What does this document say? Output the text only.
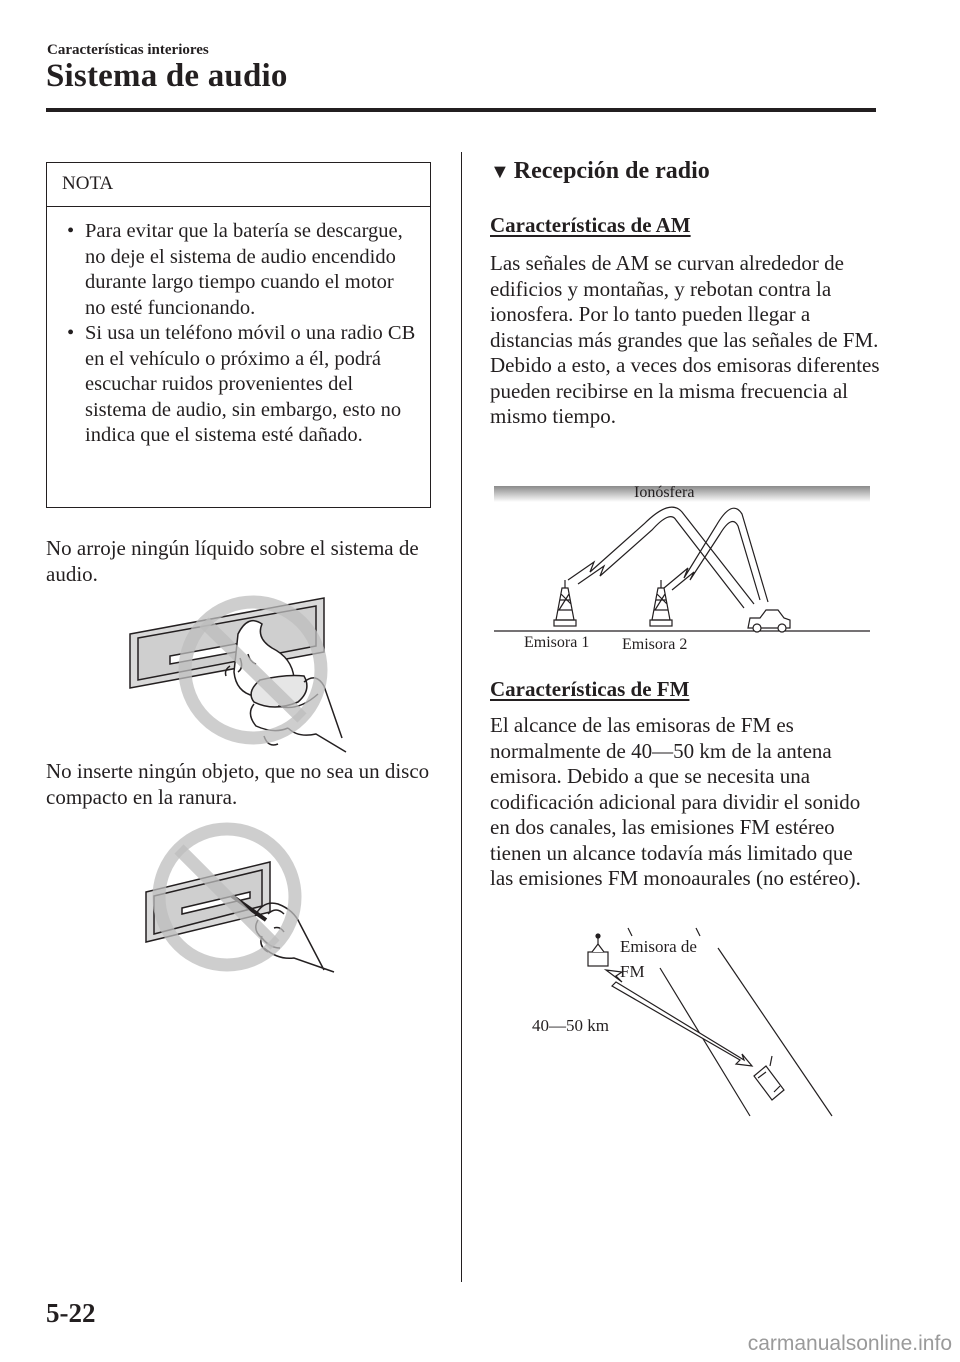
Características interiores
Sistema de audio
NOTA
• Para evitar que la batería se descargue, no deje el sistema de audio encendido durante largo tiempo cuando el motor no esté funcionando.
• Si usa un teléfono móvil o una radio CB en el vehículo o próximo a él, podrá escuchar ruidos provenientes del sistema de audio, sin embargo, esto no indica que el sistema esté dañado.
No arroje ningún líquido sobre el sistema de audio.
No inserte ningún objeto, que no sea un disco compacto en la ranura.
▼ Recepción de radio
Características de AM
Las señales de AM se curvan alrededor de edificios y montañas, y rebotan contra la ionosfera. Por lo tanto pueden llegar a distancias más grandes que las señales de FM. Debido a esto, a veces dos emisoras diferentes pueden recibirse en la misma frecuencia al mismo tiempo.
Ionósfera
Emisora 1 Emisora 2
Características de FM
El alcance de las emisoras de FM es normalmente de 40—50 km de la antena emisora. Debido a que se necesita una codificación adicional para dividir el sonido en dos canales, las emisiones FM estéreo tienen un alcance todavía más limitado que las emisiones FM monoaurales (no estéreo).
Emisora de
FM
40—50 km
5-22
carmanualsonline.info
